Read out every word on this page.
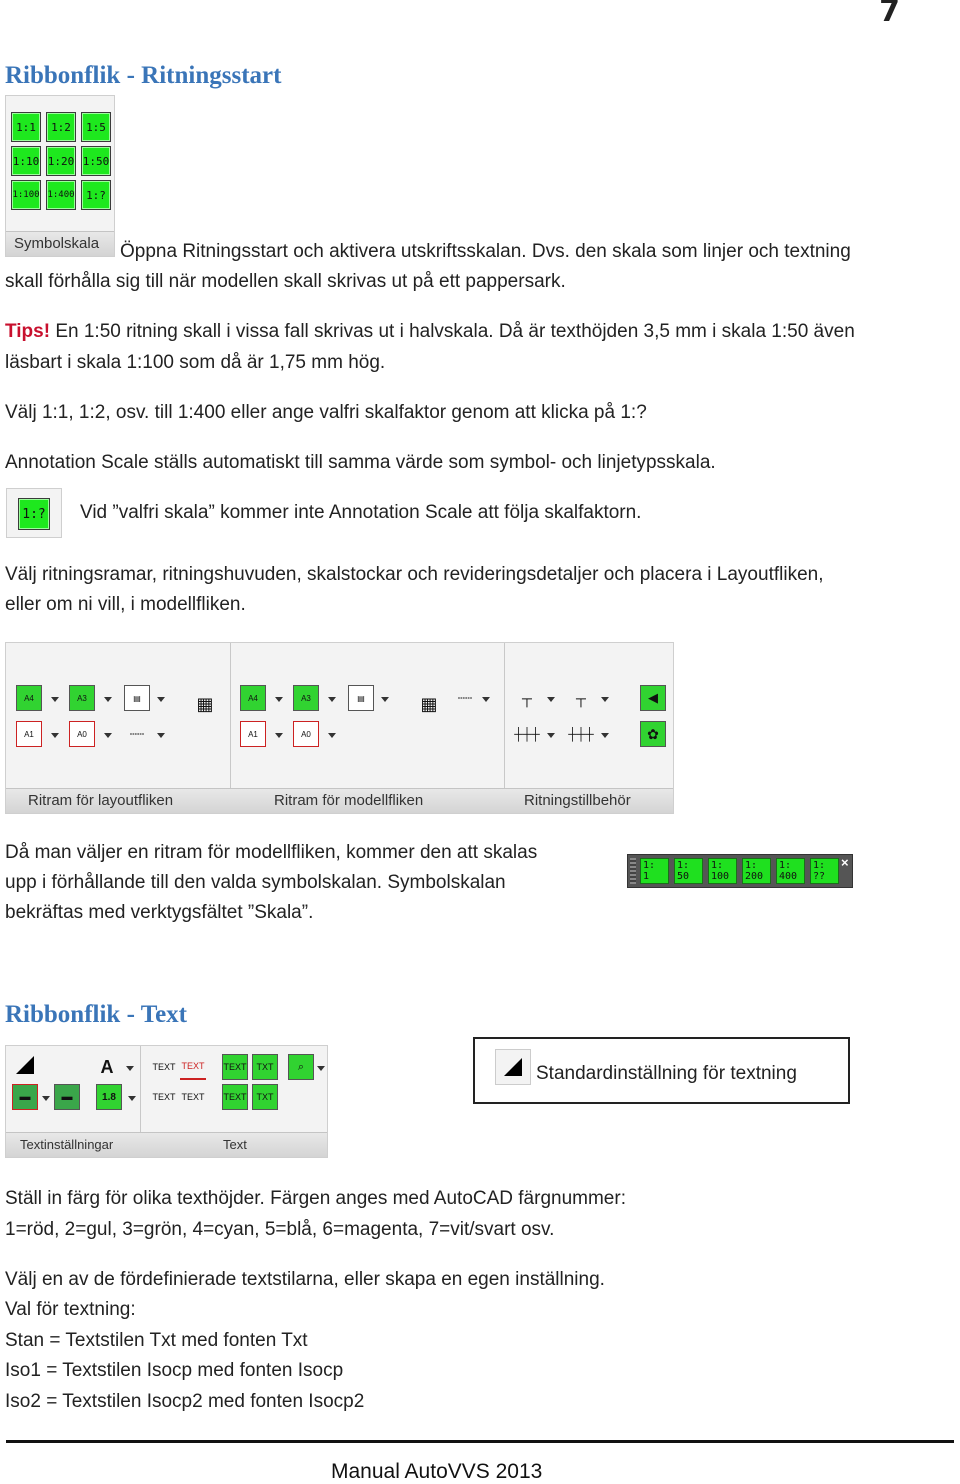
7
Ribbonflik - Ritningsstart
1:1	1:2	1:5
1:10 1:20 1:50
1:100 1:400	1:?
Symbolskala	Öppna Ritningsstart och aktivera utskriftsskalan. Dvs. den skala som linjer och textning
skall förhålla sig till när modellen skall skrivas ut på ett pappersark.
Tips! En 1:50 ritning skall i vissa fall skrivas ut i halvskala. Då är texthöjden 3,5 mm i skala 1:50 även
läsbart i skala 1:100 som då är 1,75 mm hög.
Välj 1:1, 1:2, osv. till 1:400 eller ange valfri skalfaktor genom att klicka på 1:?
Annotation Scale ställs automatiskt till samma värde som symbol- och linjetypsskala.
1:? Vid ”valfri skala” kommer inte Annotation Scale att följa skalfaktorn.
Välj ritningsramar, ritningshuvuden, skalstockar och revideringsdetaljer och placera i Layoutfliken,
eller om ni vill, i modellfliken.
A4	A3	▤	▦
A1	A0	┄┄
A4	A3	▤	▦	┄┄
A1	A0
┬	┬
┼┼┼ ┼┼┼
◀
✿
Ritram för layoutfliken	Ritram för modellfliken	Ritningstillbehör
Då man väljer en ritram för modellfliken, kommer den att skalas
upp i förhållande till den valda symbolskalan. Symbolskalan
bekräftas med verktygsfältet ”Skala”.
1:
1
1:
50
1:
100
1:
200
1:
400
1:
??
×
Ribbonflik - Text
A
▬	▬	1.8
TEXT TEXT TEXT	TXT	⌕
TEXT TEXT TEXT	TXT
Textinställningar	Text
Standardinställning för textning
Ställ in färg för olika texthöjder. Färgen anges med AutoCAD färgnummer:
1=röd, 2=gul, 3=grön, 4=cyan, 5=blå, 6=magenta, 7=vit/svart osv.
Välj en av de fördefinierade textstilarna, eller skapa en egen inställning.
Val för textning:
Stan = Textstilen Txt med fonten Txt
Iso1 = Textstilen Isocp med fonten Isocp
Iso2 = Textstilen Isocp2 med fonten Isocp2
Manual AutoVVS 2013
